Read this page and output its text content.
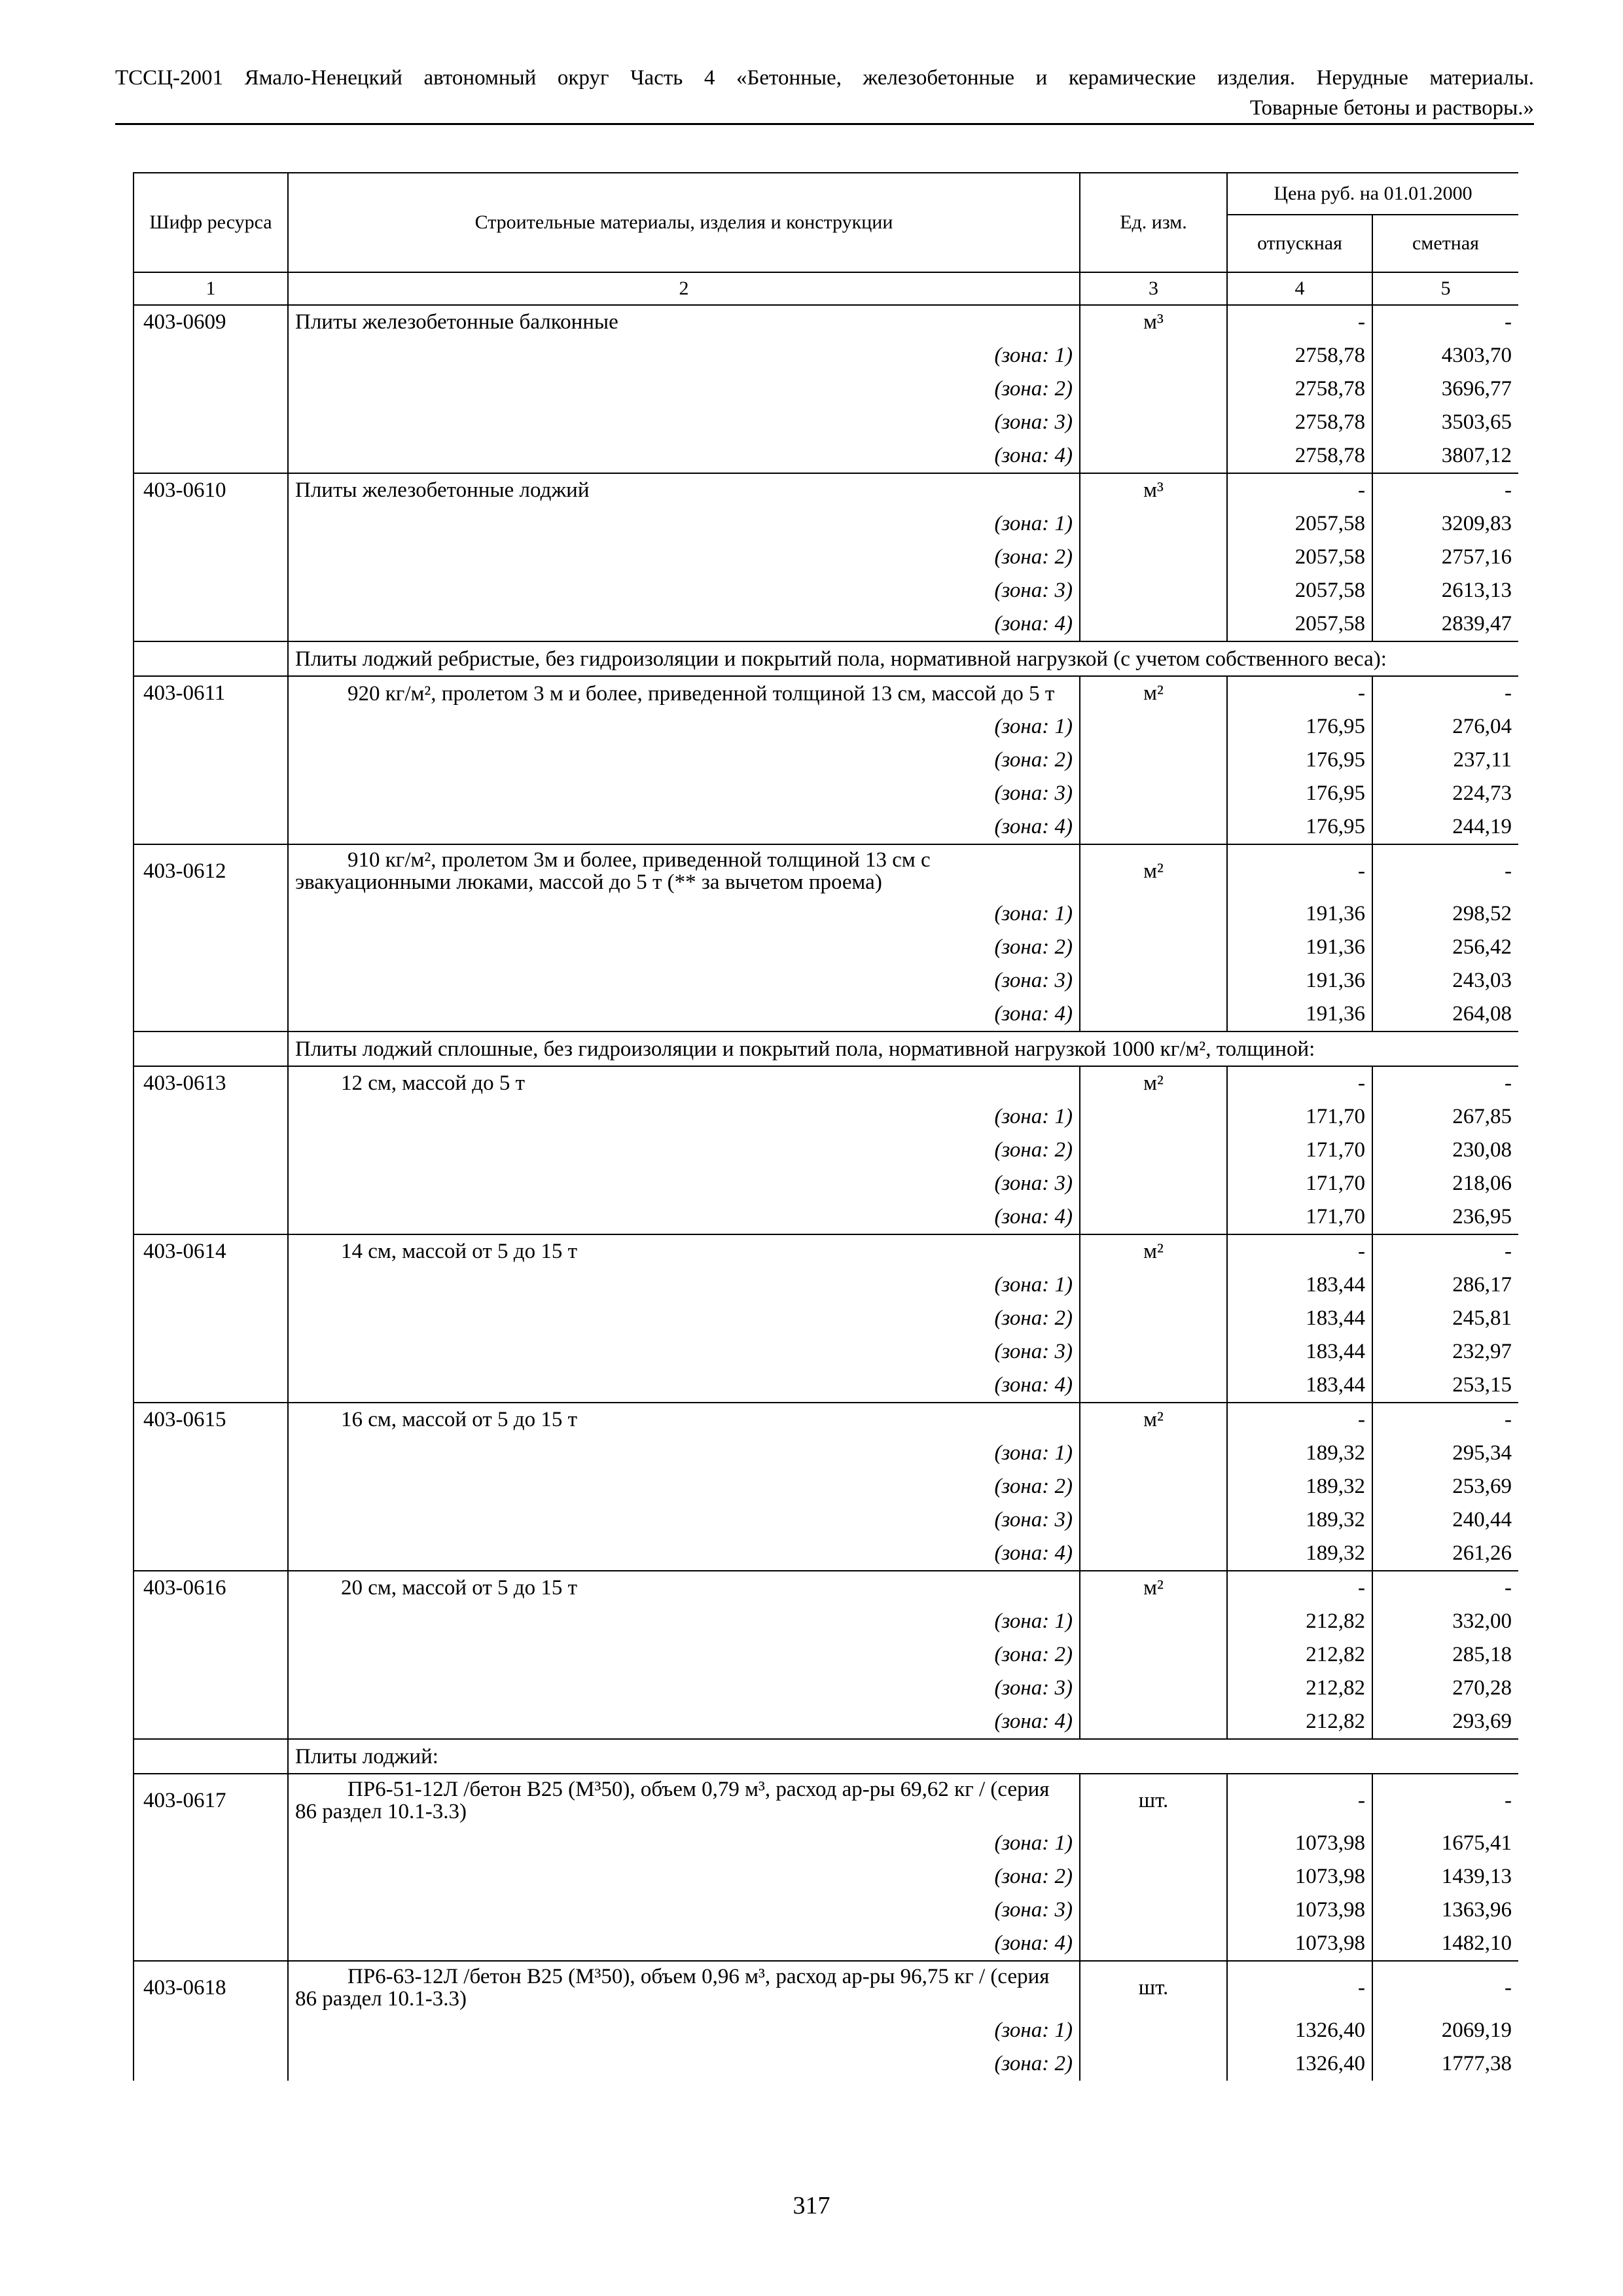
ТССЦ-2001 Ямало-Ненецкий автономный округ Часть 4 «Бетонные, железобетонные и керамические изделия. Нерудные материалы.
Товарные бетоны и растворы.»
Шифр ресурса	Строительные материалы, изделия и конструкции	Ед. изм.	Цена руб. на 01.01.2000	
			отпускная	сметная
1	2	3	4	5
403-0609	Плиты железобетонные балконные	м³	-	-
	(зона: 1)		2758,78	4303,70
	(зона: 2)		2758,78	3696,77
	(зона: 3)		2758,78	3503,65
	(зона: 4)		2758,78	3807,12
403-0610	Плиты железобетонные лоджий	м³	-	-
	(зона: 1)		2057,58	3209,83
	(зона: 2)		2057,58	2757,16
	(зона: 3)		2057,58	2613,13
	(зона: 4)		2057,58	2839,47
	Плиты лоджий ребристые, без гидроизоляции и покрытий пола, нормативной нагрузкой (с учетом собственного веса):			
403-0611	920 кг/м², пролетом 3 м и более, приведенной толщиной 13 см, массой до 5 т	м²	-	-
	(зона: 1)		176,95	276,04
	(зона: 2)		176,95	237,11
	(зона: 3)		176,95	224,73
	(зона: 4)		176,95	244,19
403-0612	910 кг/м², пролетом 3м и более, приведенной толщиной 13 см с эвакуационными люками, массой до 5 т (** за вычетом проема)	м²	-	-
	(зона: 1)		191,36	298,52
	(зона: 2)		191,36	256,42
	(зона: 3)		191,36	243,03
	(зона: 4)		191,36	264,08
	Плиты лоджий сплошные, без гидроизоляции и покрытий пола, нормативной нагрузкой 1000 кг/м², толщиной:			
403-0613	12 см, массой до 5 т	м²	-	-
	(зона: 1)		171,70	267,85
	(зона: 2)		171,70	230,08
	(зона: 3)		171,70	218,06
	(зона: 4)		171,70	236,95
403-0614	14 см, массой от 5 до 15 т	м²	-	-
	(зона: 1)		183,44	286,17
	(зона: 2)		183,44	245,81
	(зона: 3)		183,44	232,97
	(зона: 4)		183,44	253,15
403-0615	16 см, массой от 5 до 15 т	м²	-	-
	(зона: 1)		189,32	295,34
	(зона: 2)		189,32	253,69
	(зона: 3)		189,32	240,44
	(зона: 4)		189,32	261,26
403-0616	20 см, массой от 5 до 15 т	м²	-	-
	(зона: 1)		212,82	332,00
	(зона: 2)		212,82	285,18
	(зона: 3)		212,82	270,28
	(зона: 4)		212,82	293,69
	Плиты лоджий:			
403-0617	ПР6-51-12Л /бетон В25 (М³50), объем 0,79 м³, расход ар-ры 69,62 кг / (серия 86 раздел 10.1-3.3)	шт.	-	-
	(зона: 1)		1073,98	1675,41
	(зона: 2)		1073,98	1439,13
	(зона: 3)		1073,98	1363,96
	(зона: 4)		1073,98	1482,10
403-0618	ПР6-63-12Л /бетон В25 (М³50), объем 0,96 м³, расход ар-ры 96,75 кг / (серия 86 раздел 10.1-3.3)	шт.	-	-
	(зона: 1)		1326,40	2069,19
	(зона: 2)		1326,40	1777,38
317
